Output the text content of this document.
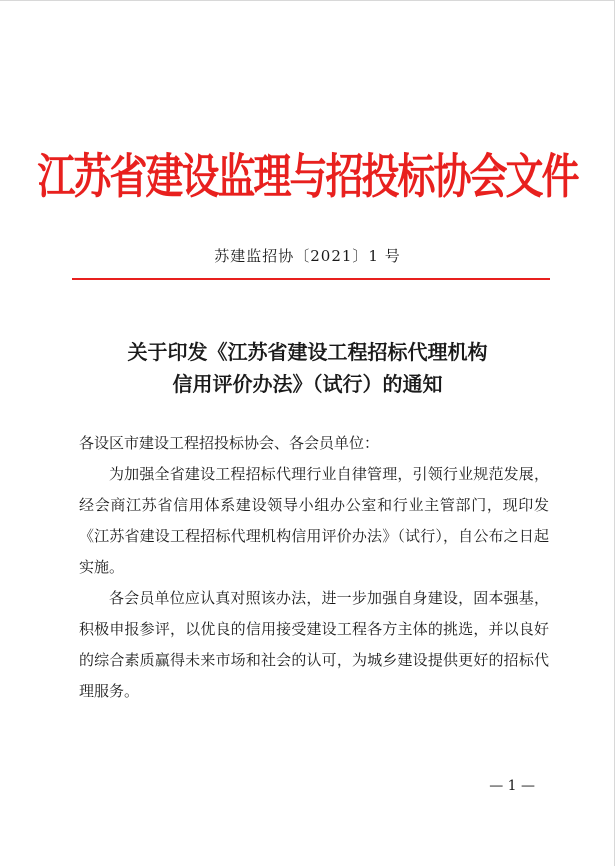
江苏省建设监理与招投标协会文件
苏建监招协〔2021〕1 号
关于印发《江苏省建设工程招标代理机构
信用评价办法》（试行）的通知

各设区市建设工程招投标协会、各会员单位：

为加强全省建设工程招标代理行业自律管理，引领行业规范发展，经会商江苏省信用体系建设领导小组办公室和行业主管部门，现印发《江苏省建设工程招标代理机构信用评价办法》（试行），自公布之日起实施。

各会员单位应认真对照该办法，进一步加强自身建设，固本强基，积极申报参评，以优良的信用接受建设工程各方主体的挑选，并以良好的综合素质赢得未来市场和社会的认可，为城乡建设提供更好的招标代理服务。

— 1 —
